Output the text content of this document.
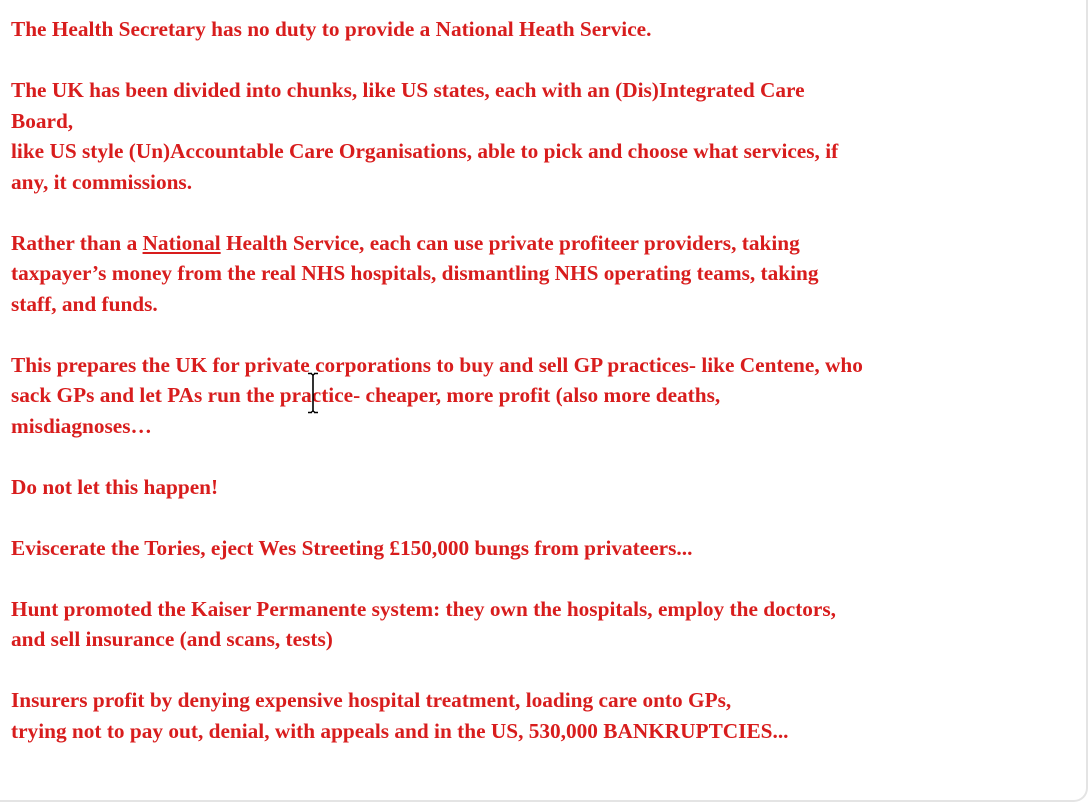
The Health Secretary has no duty to provide a National Heath Service.

The UK has been divided into chunks, like US states, each with an (Dis)Integrated Care
Board,
like US style (Un)Accountable Care Organisations, able to pick and choose what services, if
any, it commissions.

Rather than a National Health Service, each can use private profiteer providers, taking
taxpayer’s money from the real NHS hospitals, dismantling NHS operating teams, taking
staff, and funds.

This prepares the UK for private corporations to buy and sell GP practices- like Centene, who
sack GPs and let PAs run the practice- cheaper, more profit (also more deaths,
misdiagnoses…

Do not let this happen!

Eviscerate the Tories, eject Wes Streeting £150,000 bungs from privateers...

Hunt promoted the Kaiser Permanente system: they own the hospitals, employ the doctors,
and sell insurance (and scans, tests)

Insurers profit by denying expensive hospital treatment, loading care onto GPs,
trying not to pay out, denial, with appeals and in the US, 530,000 BANKRUPTCIES...
